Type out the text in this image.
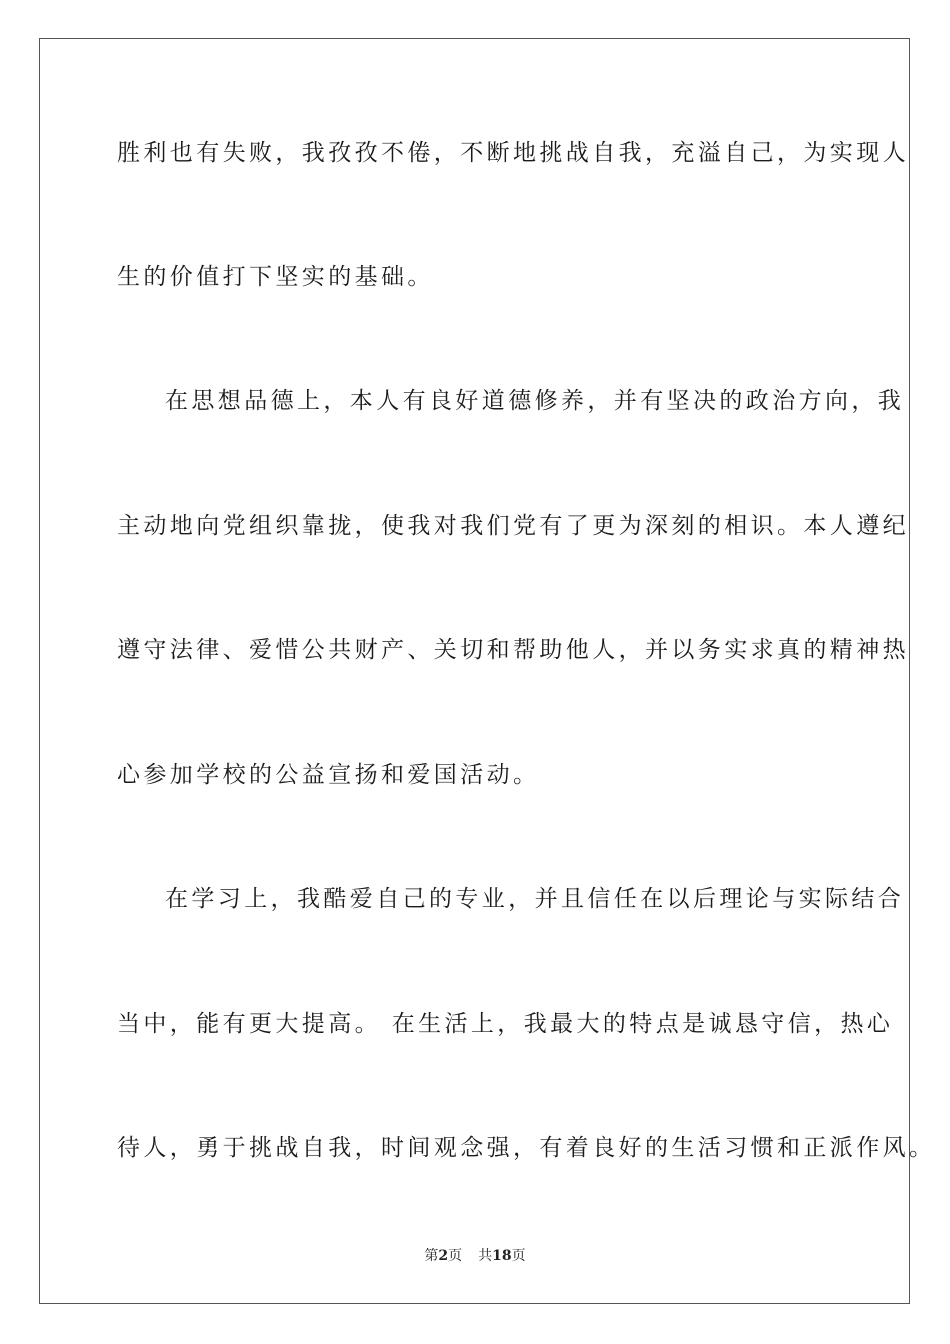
胜利也有失败，我孜孜不倦，不断地挑战自我，充溢自己，为实现人
生的价值打下坚实的基础。
在思想品德上，本人有良好道德修养，并有坚决的政治方向，我
主动地向党组织靠拢，使我对我们党有了更为深刻的相识。本人遵纪
遵守法律、爱惜公共财产、关切和帮助他人，并以务实求真的精神热
心参加学校的公益宣扬和爱国活动。
在学习上，我酷爱自己的专业，并且信任在以后理论与实际结合
当中，能有更大提高。 在生活上，我最大的特点是诚恳守信，热心
待人，勇于挑战自我，时间观念强，有着良好的生活习惯和正派作风。
第2页 共18页
